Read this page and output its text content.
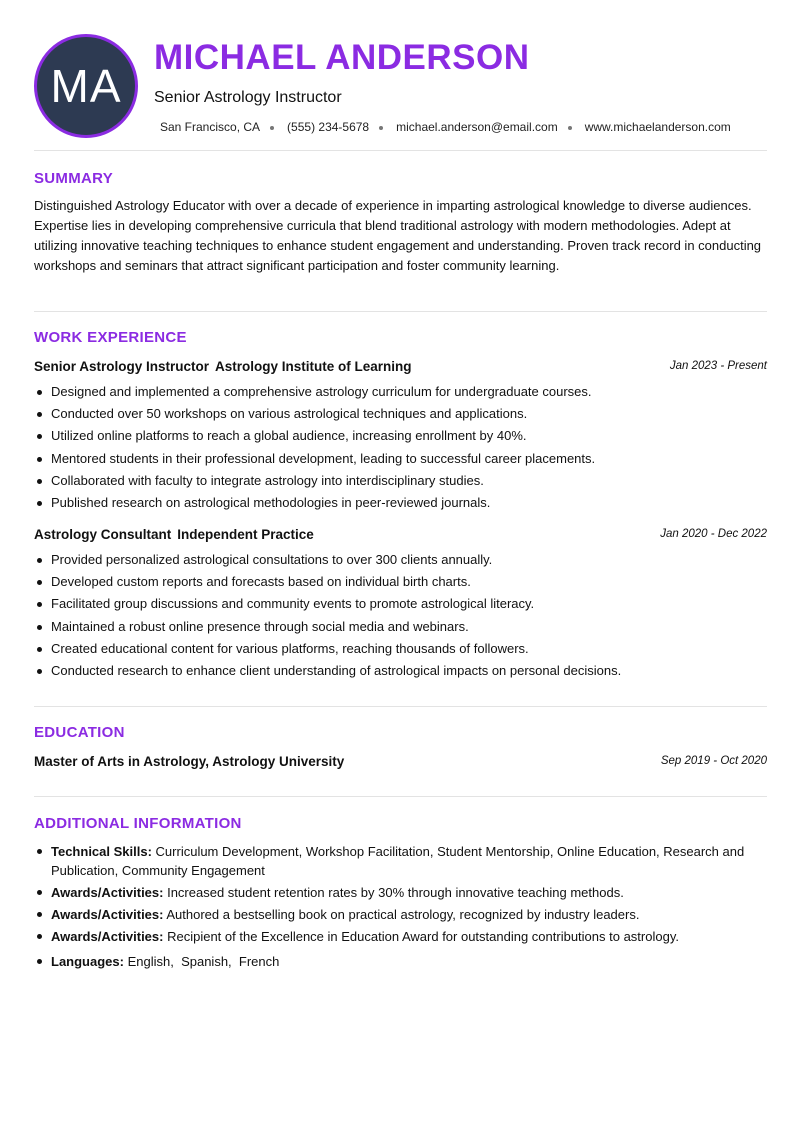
MA
MICHAEL ANDERSON
Senior Astrology Instructor
San Francisco, CA (555) 234-5678 michael.anderson@email.com www.michaelanderson.com
SUMMARY

Distinguished Astrology Educator with over a decade of experience in imparting astrological knowledge to diverse audiences. Expertise lies in developing comprehensive curricula that blend traditional astrology with modern methodologies. Adept at utilizing innovative teaching techniques to enhance student engagement and understanding. Proven track record in conducting workshops and seminars that attract significant participation and foster community learning.

WORK EXPERIENCE
Senior Astrology Instructor Astrology Institute of Learning	Jan 2023 - Present
Designed and implemented a comprehensive astrology curriculum for undergraduate courses.
Conducted over 50 workshops on various astrological techniques and applications.
Utilized online platforms to reach a global audience, increasing enrollment by 40%.
Mentored students in their professional development, leading to successful career placements.
Collaborated with faculty to integrate astrology into interdisciplinary studies.
Published research on astrological methodologies in peer-reviewed journals.
Astrology Consultant Independent Practice	Jan 2020 - Dec 2022
Provided personalized astrological consultations to over 300 clients annually.
Developed custom reports and forecasts based on individual birth charts.
Facilitated group discussions and community events to promote astrological literacy.
Maintained a robust online presence through social media and webinars.
Created educational content for various platforms, reaching thousands of followers.
Conducted research to enhance client understanding of astrological impacts on personal decisions.
EDUCATION
Master of Arts in Astrology, Astrology University	Sep 2019 - Oct 2020
ADDITIONAL INFORMATION
Technical Skills: Curriculum Development, Workshop Facilitation, Student Mentorship, Online Education, Research and Publication, Community Engagement
Awards/Activities: Increased student retention rates by 30% through innovative teaching methods.
Awards/Activities: Authored a bestselling book on practical astrology, recognized by industry leaders.
Awards/Activities: Recipient of the Excellence in Education Award for outstanding contributions to astrology.
Languages: English,  Spanish,  French
